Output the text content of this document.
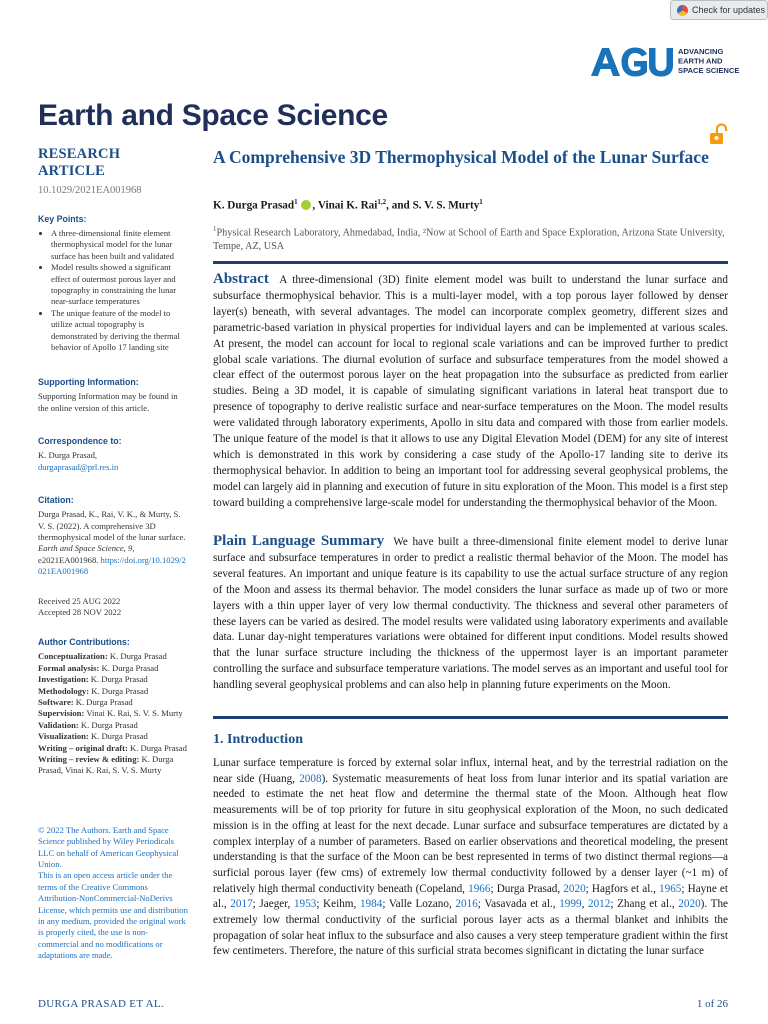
Check for updates
ADVANCING
EARTH AND
SPACE SCIENCE
Earth and Space Science
RESEARCH ARTICLE
10.1029/2021EA001968
Key Points:
• A three-dimensional finite element thermophysical model for the lunar surface has been built and validated
• Model results showed a significant effect of outermost porous layer and topography in constraining the lunar near-surface temperatures
• The unique feature of the model to utilize actual topography is demonstrated by deriving the thermal behavior of Apollo 17 landing site
Supporting Information:
Supporting Information may be found in the online version of this article.
Correspondence to:
K. Durga Prasad,
durgaprasad@prl.res.in
Citation:
Durga Prasad, K., Rai, V. K., & Murty, S. V. S. (2022). A comprehensive 3D thermophysical model of the lunar surface. Earth and Space Science, 9, e2021EA001968. https://doi.org/10.1029/2021EA001968
Received 25 AUG 2022
Accepted 28 NOV 2022
Author Contributions:
Conceptualization: K. Durga Prasad
Formal analysis: K. Durga Prasad
Investigation: K. Durga Prasad
Methodology: K. Durga Prasad
Software: K. Durga Prasad
Supervision: Vinai K. Rai, S. V. S. Murty
Validation: K. Durga Prasad
Visualization: K. Durga Prasad
Writing – original draft: K. Durga Prasad
Writing – review & editing: K. Durga Prasad, Vinai K. Rai, S. V. S. Murty
© 2022 The Authors. Earth and Space Science published by Wiley Periodicals LLC on behalf of American Geophysical Union.
This is an open access article under the terms of the Creative Commons Attribution-NonCommercial-NoDerivs License, which permits use and distribution in any medium, provided the original work is properly cited, the use is non-commercial and no modifications or adaptations are made.
A Comprehensive 3D Thermophysical Model of the Lunar Surface
K. Durga Prasad$^1$ , Vinai K. Rai$^{1,2}$, and S. V. S. Murty$^1$
$^1$Physical Research Laboratory, Ahmedabad, India, ²Now at School of Earth and Space Exploration, Arizona State University, Tempe, AZ, USA
Abstract A three-dimensional (3D) finite element model was built to understand the lunar surface and subsurface thermophysical behavior. This is a multi-layer model, with a top porous layer followed by denser layer(s) beneath, with several advantages. The model can incorporate complex geometry, different sizes and parametric-based variation in physical properties for individual layers and can be implemented at various scales. At present, the model can account for local to regional scale variations and can be improved further to predict global scale variations. The diurnal evolution of surface and subsurface temperatures from the model showed a clear effect of the outermost porous layer on the heat propagation into the subsurface as predicted from earlier studies. Being a 3D model, it is capable of simulating significant variations in lateral heat transport due to presence of topography to derive realistic surface and near-surface temperatures on the Moon. The model results were validated through laboratory experiments, Apollo in situ data and compared with those from earlier models. The unique feature of the model is that it allows to use any Digital Elevation Model (DEM) for any site of interest which is demonstrated in this work by considering a case study of the Apollo-17 landing site to derive its thermophysical behavior. In addition to being an important tool for addressing several geophysical problems, the model can largely aid in planning and execution of future in situ exploration of the Moon. This model is a first step toward building a comprehensive large-scale model for understanding the thermophysical behavior of the Moon.
Plain Language Summary We have built a three-dimensional finite element model to derive lunar surface and subsurface temperatures in order to predict a realistic thermal behavior of the Moon. The model has several features. An important and unique feature is its capability to use the actual surface structure of any region of the Moon and assess its thermal behavior. The model considers the lunar surface as made up of two or more layers with a thin upper layer of very low thermal conductivity. The thickness and several other parameters of these layers can be varied as desired. The model results were validated using laboratory experiments and available data. Lunar day-night temperatures variations were obtained for different input conditions. Model results showed that the lunar surface structure including the thickness of the uppermost layer is an important parameter controlling the surface and subsurface temperature variations. The model serves as an important and useful tool for handling several geophysical problems and can also help in planning future experiments on the Moon.
1. Introduction
Lunar surface temperature is forced by external solar influx, internal heat, and by the terrestrial radiation on the near side (Huang, 2008). Systematic measurements of heat loss from lunar interior and its spatial variation are needed to estimate the net heat flow and determine the thermal state of the Moon. Although heat flow measurements will be of top priority for future in situ geophysical exploration of the Moon, no such dedicated mission is in the offing at least for the next decade. Lunar surface and subsurface temperatures are dictated by a complex interplay of a number of parameters. Based on earlier observations and theoretical modeling, the present understanding is that the surface of the Moon can be best represented in terms of two distinct thermal regions—a surficial porous layer (few cms) of extremely low thermal conductivity followed by a denser layer (~1 m) of relatively high thermal conductivity beneath (Copeland, 1966; Durga Prasad, 2020; Hagfors et al., 1965; Hayne et al., 2017; Jaeger, 1953; Keihm, 1984; Valle Lozano, 2016; Vasavada et al., 1999, 2012; Zhang et al., 2020). The extremely low thermal conductivity of the surficial porous layer acts as a thermal blanket and inhibits the propagation of solar heat influx to the subsurface and also causes a very steep temperature gradient within the first few centimeters. Therefore, the nature of this surficial strata becomes significant in dictating the lunar surface
DURGA PRASAD ET AL.	1 of 26
